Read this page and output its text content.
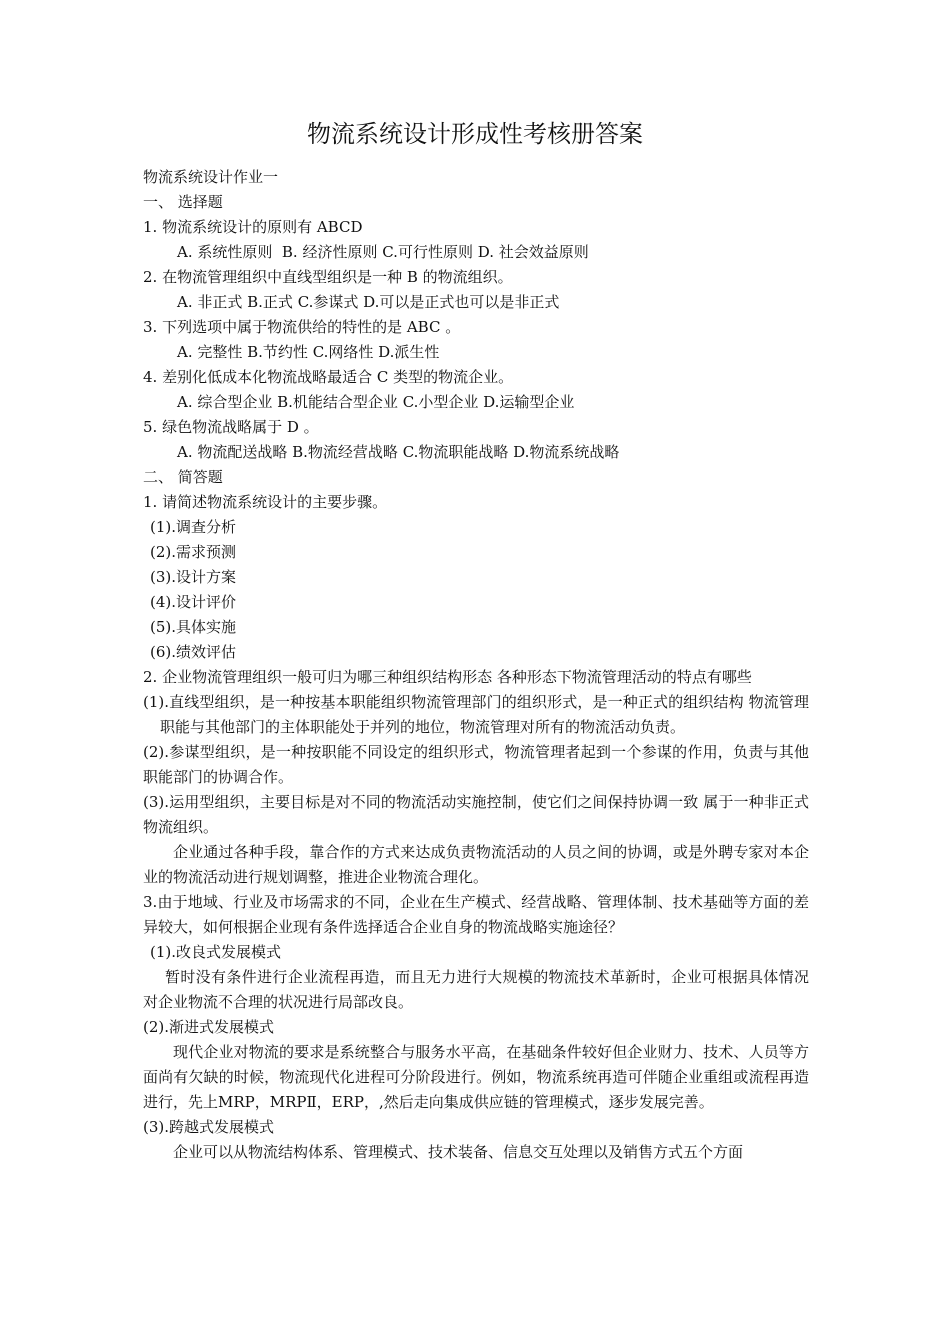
物流系统设计形成性考核册答案

物流系统设计作业一

一、 选择题

1. 物流系统设计的原则有 ABCD

A. 系统性原则  B. 经济性原则 C.可行性原则 D. 社会效益原则

2. 在物流管理组织中直线型组织是一种 B 的物流组织。

A. 非正式 B.正式 C.参谋式 D.可以是正式也可以是非正式

3. 下列选项中属于物流供给的特性的是 ABC 。

A. 完整性 B.节约性 C.网络性 D.派生性

4. 差别化低成本化物流战略最适合 C 类型的物流企业。

A. 综合型企业 B.机能结合型企业 C.小型企业 D.运输型企业

5. 绿色物流战略属于 D 。

A. 物流配送战略 B.物流经营战略 C.物流职能战略 D.物流系统战略

二、 简答题

1. 请简述物流系统设计的主要步骤。

(1).调查分析

(2).需求预测

(3).设计方案

(4).设计评价

(5).具体实施

(6).绩效评估

2. 企业物流管理组织一般可归为哪三种组织结构形态 各种形态下物流管理活动的特点有哪些

(1).直线型组织，是一种按基本职能组织物流管理部门的组织形式，是一种正式的组织结构 物流管理职能与其他部门的主体职能处于并列的地位，物流管理对所有的物流活动负责。

(2).参谋型组织，是一种按职能不同设定的组织形式，物流管理者起到一个参谋的作用，负责与其他职能部门的协调合作。

(3).运用型组织，主要目标是对不同的物流活动实施控制，使它们之间保持协调一致 属于一种非正式物流组织。

企业通过各种手段，靠合作的方式来达成负责物流活动的人员之间的协调，或是外聘专家对本企业的物流活动进行规划调整，推进企业物流合理化。

3.由于地域、行业及市场需求的不同，企业在生产模式、经营战略、管理体制、技术基础等方面的差异较大，如何根据企业现有条件选择适合企业自身的物流战略实施途径？

(1).改良式发展模式

暂时没有条件进行企业流程再造，而且无力进行大规模的物流技术革新时，企业可根据具体情况对企业物流不合理的状况进行局部改良。

(2).渐进式发展模式

现代企业对物流的要求是系统整合与服务水平高，在基础条件较好但企业财力、技术、人员等方面尚有欠缺的时候，物流现代化进程可分阶段进行。例如，物流系统再造可伴随企业重组或流程再造进行，先上MRP，MRPⅡ，ERP，,然后走向集成供应链的管理模式，逐步发展完善。

(3).跨越式发展模式

企业可以从物流结构体系、管理模式、技术装备、信息交互处理以及销售方式五个方面
